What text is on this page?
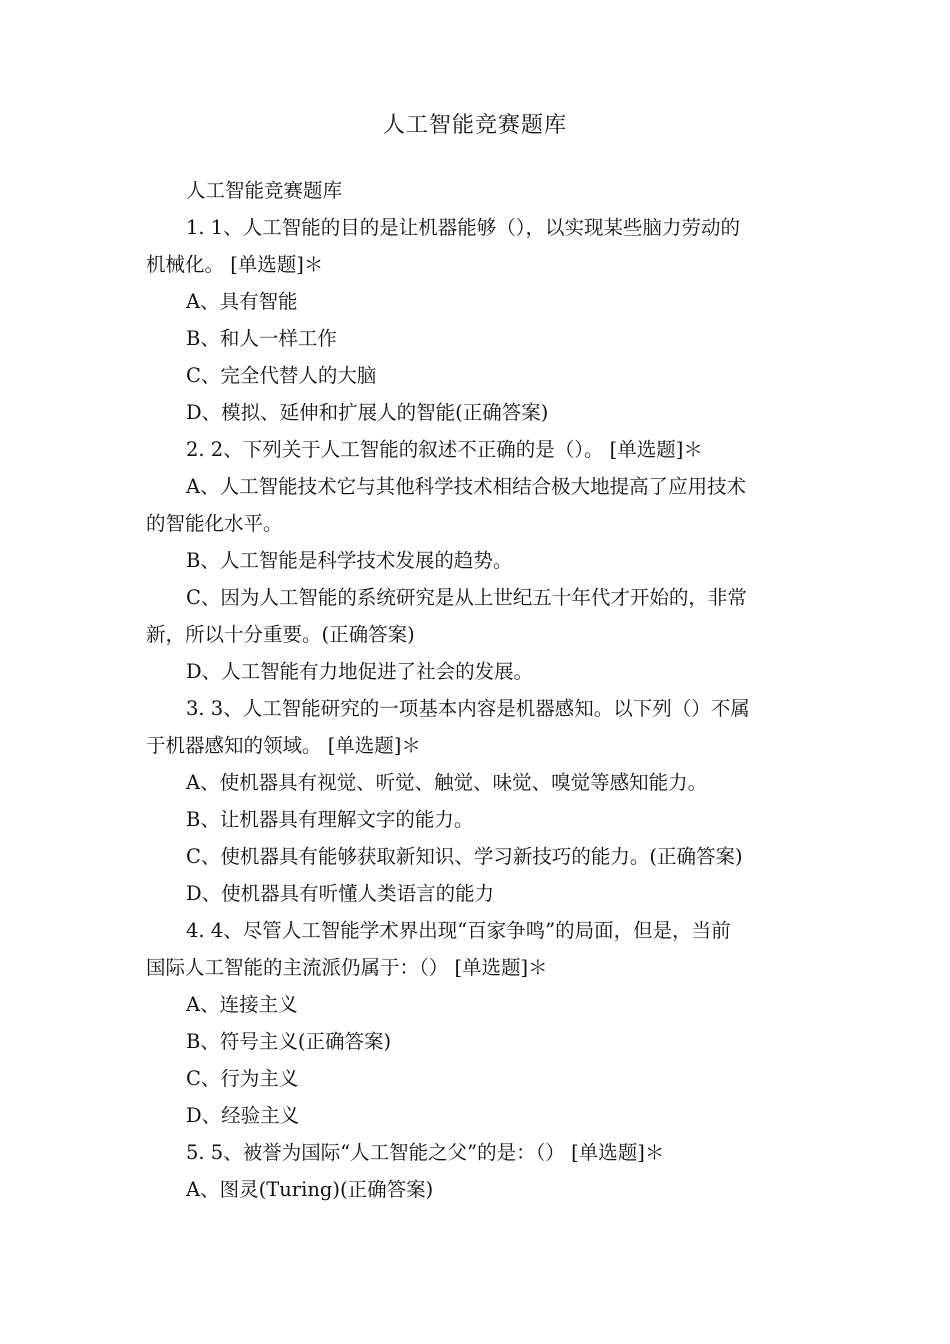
人工智能竞赛题库
人工智能竞赛题库
1. 1、人工智能的目的是让机器能够（），以实现某些脑力劳动的
机械化。 [单选题]＊
A、具有智能
B、和人一样工作
C、完全代替人的大脑
D、模拟、延伸和扩展人的智能(正确答案)
2. 2、下列关于人工智能的叙述不正确的是（）。 [单选题]＊
A、人工智能技术它与其他科学技术相结合极大地提高了应用技术
的智能化水平。
B、人工智能是科学技术发展的趋势。
C、因为人工智能的系统研究是从上世纪五十年代才开始的，非常
新，所以十分重要。(正确答案)
D、人工智能有力地促进了社会的发展。
3. 3、人工智能研究的一项基本内容是机器感知。以下列（）不属
于机器感知的领域。 [单选题]＊
A、使机器具有视觉、听觉、触觉、味觉、嗅觉等感知能力。
B、让机器具有理解文字的能力。
C、使机器具有能够获取新知识、学习新技巧的能力。(正确答案)
D、使机器具有听懂人类语言的能力
4. 4、尽管人工智能学术界出现“百家争鸣”的局面，但是，当前
国际人工智能的主流派仍属于：（） [单选题]＊
A、连接主义
B、符号主义(正确答案)
C、行为主义
D、经验主义
5. 5、被誉为国际“人工智能之父”的是：（） [单选题]＊
A、图灵(Turing)(正确答案)
